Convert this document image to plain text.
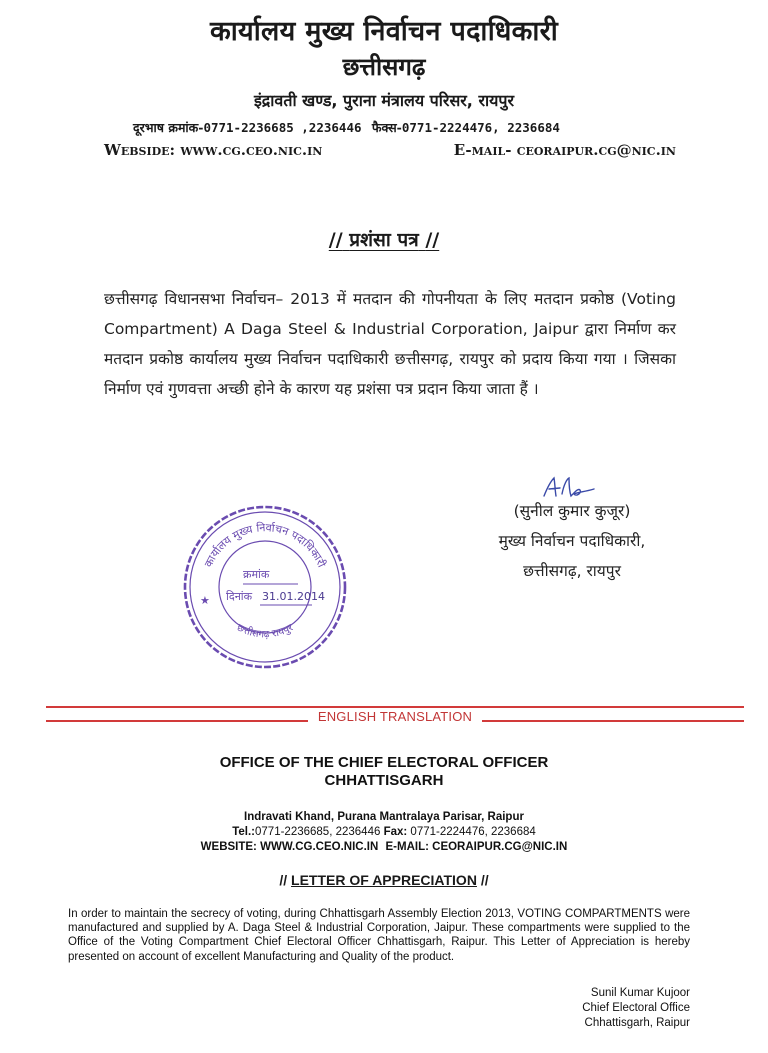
कार्यालय मुख्य निर्वाचन पदाधिकारी
छत्तीसगढ़
इंद्रावती खण्ड, पुराना मंत्रालय परिसर, रायपुर
दूरभाष क्रमांक-0771-2236685 ,2236446 फैक्स-0771-2224476, 2236684
Webside: www.cg.ceo.nic.in	E-mail- ceoraipur.cg@nic.in
// प्रशंसा पत्र //
छत्तीसगढ़ विधानसभा निर्वाचन– 2013 में मतदान की गोपनीयता के लिए मतदान प्रकोष्ठ (Voting Compartment) A Daga Steel & Industrial Corporation, Jaipur द्वारा निर्माण कर मतदान प्रकोष्ठ कार्यालय मुख्य निर्वाचन पदाधिकारी छत्तीसगढ़, रायपुर को प्रदाय किया गया । जिसका निर्माण एवं गुणवत्ता अच्छी होने के कारण यह प्रशंसा पत्र प्रदान किया जाता हैं ।
(सुनील कुमार कुजूर)
मुख्य निर्वाचन पदाधिकारी,
छत्तीसगढ़, रायपुर
कार्यालय मुख्य निर्वाचन पदाधिकारी
छत्तीसगढ़ रायपुर
क्रमांक
दिनांक 31.01.2014
★
ENGLISH TRANSLATION
OFFICE OF THE CHIEF ELECTORAL OFFICER
CHHATTISGARH
Indravati Khand, Purana Mantralaya Parisar, Raipur
Tel.:0771-2236685, 2236446 Fax: 0771-2224476, 2236684
WEBSITE: WWW.CG.CEO.NIC.IN E-MAIL: CEORAIPUR.CG@NIC.IN
// LETTER OF APPRECIATION //
In order to maintain the secrecy of voting, during Chhattisgarh Assembly Election 2013, VOTING COMPARTMENTS were manufactured and supplied by A. Daga Steel & Industrial Corporation, Jaipur. These compartments were supplied to the Office of the Voting Compartment Chief Electoral Officer Chhattisgarh, Raipur. This Letter of Appreciation is hereby presented on account of excellent Manufacturing and Quality of the product.
Sunil Kumar Kujoor
Chief Electoral Office
Chhattisgarh, Raipur
